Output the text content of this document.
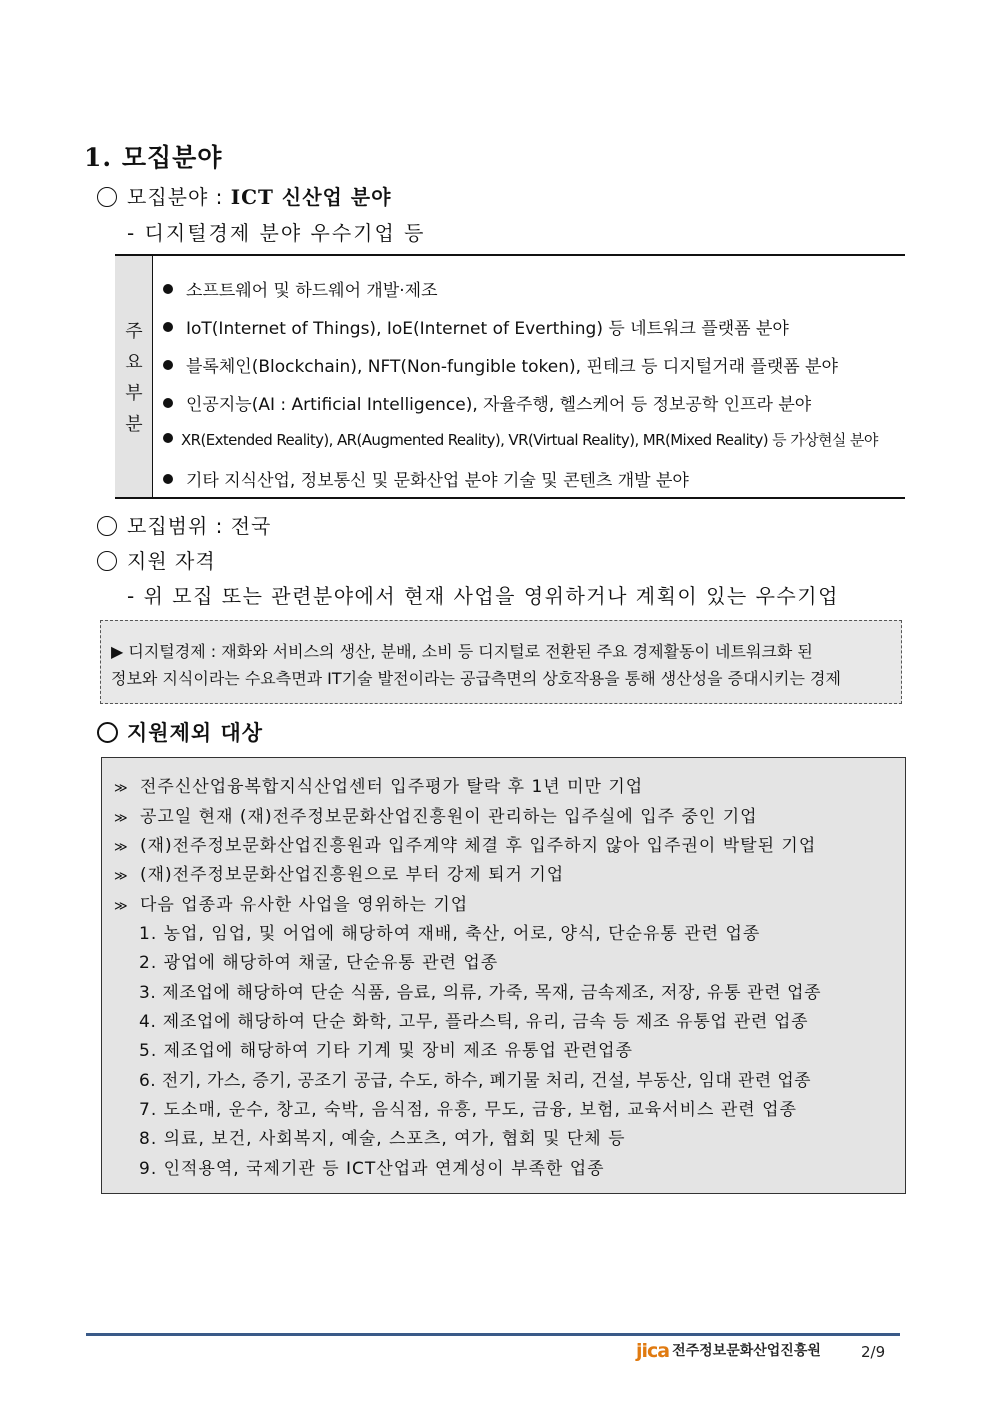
1. 모집분야
모집분야 : ICT 신산업 분야
- 디지털경제 분야 우수기업 등
주
요
부
분
소프트웨어 및 하드웨어 개발·제조
IoT(Internet of Things), IoE(Internet of Everthing) 등 네트워크 플랫폼 분야
블록체인(Blockchain), NFT(Non-fungible token), 핀테크 등 디지털거래 플랫폼 분야
인공지능(AI : Artificial Intelligence), 자율주행, 헬스케어 등 정보공학 인프라 분야
XR(Extended Reality), AR(Augmented Reality), VR(Virtual Reality), MR(Mixed Reality) 등 가상현실 분야
기타 지식산업, 정보통신 및 문화산업 분야 기술 및 콘텐츠 개발 분야
모집범위 : 전국
지원 자격
- 위 모집 또는 관련분야에서 현재 사업을 영위하거나 계획이 있는 우수기업
▶ 디지털경제 : 재화와 서비스의 생산, 분배, 소비 등 디지털로 전환된 주요 경제활동이 네트워크화 된
정보와 지식이라는 수요측면과 IT기술 발전이라는 공급측면의 상호작용을 통해 생산성을 증대시키는 경제
지원제외 대상
≫ 전주신산업융복합지식산업센터 입주평가 탈락 후 1년 미만 기업
≫ 공고일 현재 (재)전주정보문화산업진흥원이 관리하는 입주실에 입주 중인 기업
≫ (재)전주정보문화산업진흥원과 입주계약 체결 후 입주하지 않아 입주권이 박탈된 기업
≫ (재)전주정보문화산업진흥원으로 부터 강제 퇴거 기업
≫ 다음 업종과 유사한 사업을 영위하는 기업
1. 농업, 임업, 및 어업에 해당하여 재배, 축산, 어로, 양식, 단순유통 관련 업종
2. 광업에 해당하여 채굴, 단순유통 관련 업종
3. 제조업에 해당하여 단순 식품, 음료, 의류, 가죽, 목재, 금속제조, 저장, 유통 관련 업종
4. 제조업에 해당하여 단순 화학, 고무, 플라스틱, 유리, 금속 등 제조 유통업 관련 업종
5. 제조업에 해당하여 기타 기계 및 장비 제조 유통업 관련업종
6. 전기, 가스, 증기, 공조기 공급, 수도, 하수, 폐기물 처리, 건설, 부동산, 임대 관련 업종
7. 도소매, 운수, 창고, 숙박, 음식점, 유흥, 무도, 금융, 보험, 교육서비스 관련 업종
8. 의료, 보건, 사회복지, 예술, 스포츠, 여가, 협회 및 단체 등
9. 인적용역, 국제기관 등 ICT산업과 연계성이 부족한 업종
jica 전주정보문화산업진흥원	2/9
